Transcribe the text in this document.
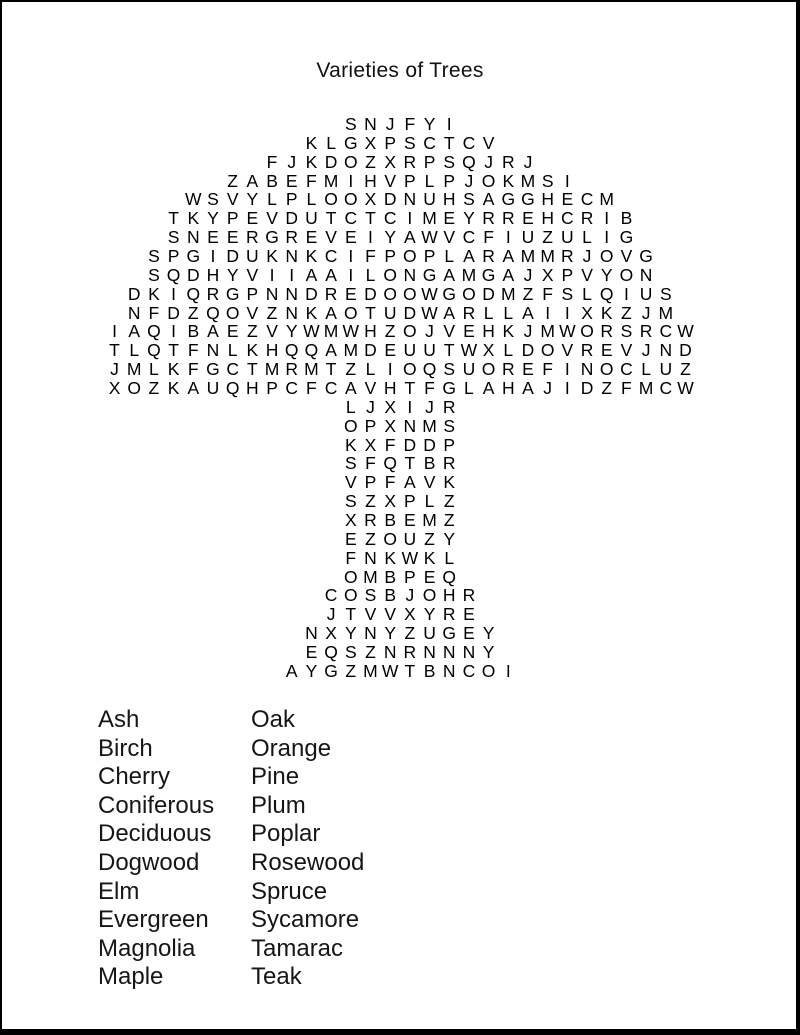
Varieties of Trees
S N J F Y I
K L G X P S C T C V
F J K D O Z X R P S Q J R J
Z A B E F M I H V P L P J O K M S I
W S V Y L P L O O X D N U H S A G G H E C M
T K Y P E V D U T C T C I M E Y R R E H C R I B
S N E E R G R E V E I Y A W V C F I U Z U L I G
S P G I D U K N K C I F P O P L A R A M M R J O V G
S Q D H Y V I I A A I L O N G A M G A J X P V Y O N
D K I Q R G P N N D R E D O O W G O D M Z F S L Q I U S
N F D Z Q O V Z N K A O T U D W A R L L A I I X K Z J M
I A Q I B A E Z V Y W M W H Z O J V E H K J M W O R S R C W
T L Q T F N L K H Q Q A M D E U U T W X L D O V R E V J N D
J M L K F G C T M R M T Z L I O Q S U O R E F I N O C L U Z
X O Z K A U Q H P C F C A V H T F G L A H A J I D Z F M C W
L J X I J R
O P X N M S
K X F D D P
S F Q T B R
V P F A V K
S Z X P L Z
X R B E M Z
E Z O U Z Y
F N K W K L
O M B P E Q
C O S B J O H R
J T V V X Y R E
N X Y N Y Z U G E Y
E Q S Z N R N N N Y
A Y G Z M W T B N C O I
Ash
Birch
Cherry
Coniferous
Deciduous
Dogwood
Elm
Evergreen
Magnolia
Maple
Oak
Orange
Pine
Plum
Poplar
Rosewood
Spruce
Sycamore
Tamarac
Teak
